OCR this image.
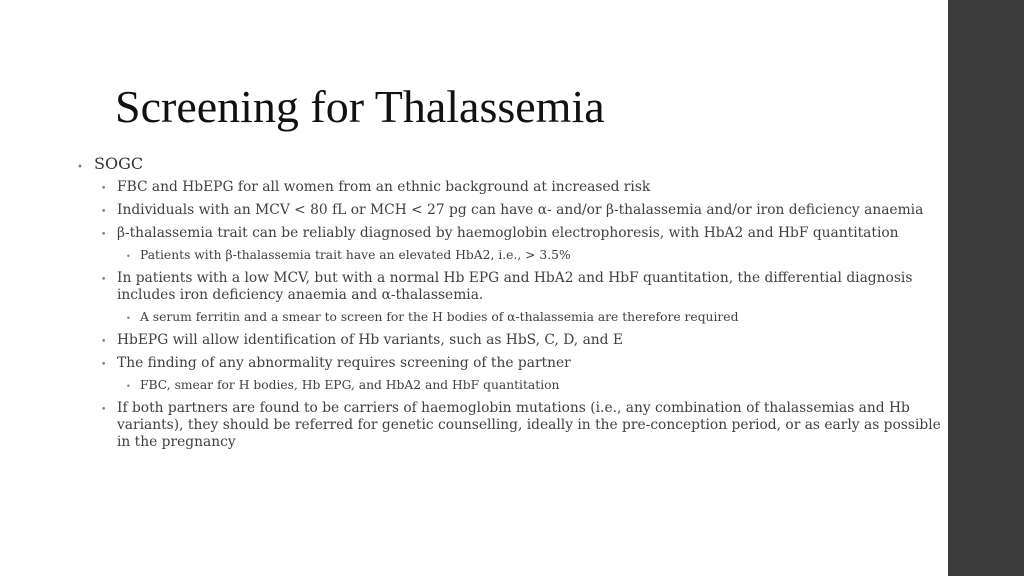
Screening for Thalassemia
• SOGC
• FBC and HbEPG for all women from an ethnic background at increased risk
• Individuals with an MCV < 80 fL or MCH < 27 pg can have α- and/or β-thalassemia and/or iron deficiency anaemia
• β-thalassemia trait can be reliably diagnosed by haemoglobin electrophoresis, with HbA2 and HbF quantitation
• Patients with β-thalassemia trait have an elevated HbA2, i.e., > 3.5%
• In patients with a low MCV, but with a normal Hb EPG and HbA2 and HbF quantitation, the differential diagnosis includes iron deficiency anaemia and α-thalassemia.
• A serum ferritin and a smear to screen for the H bodies of α-thalassemia are therefore required
• HbEPG will allow identification of Hb variants, such as HbS, C, D, and E
• The finding of any abnormality requires screening of the partner
• FBC, smear for H bodies, Hb EPG, and HbA2 and HbF quantitation
• If both partners are found to be carriers of haemoglobin mutations (i.e., any combination of thalassemias and Hb variants), they should be referred for genetic counselling, ideally in the pre-conception period, or as early as possible in the pregnancy
